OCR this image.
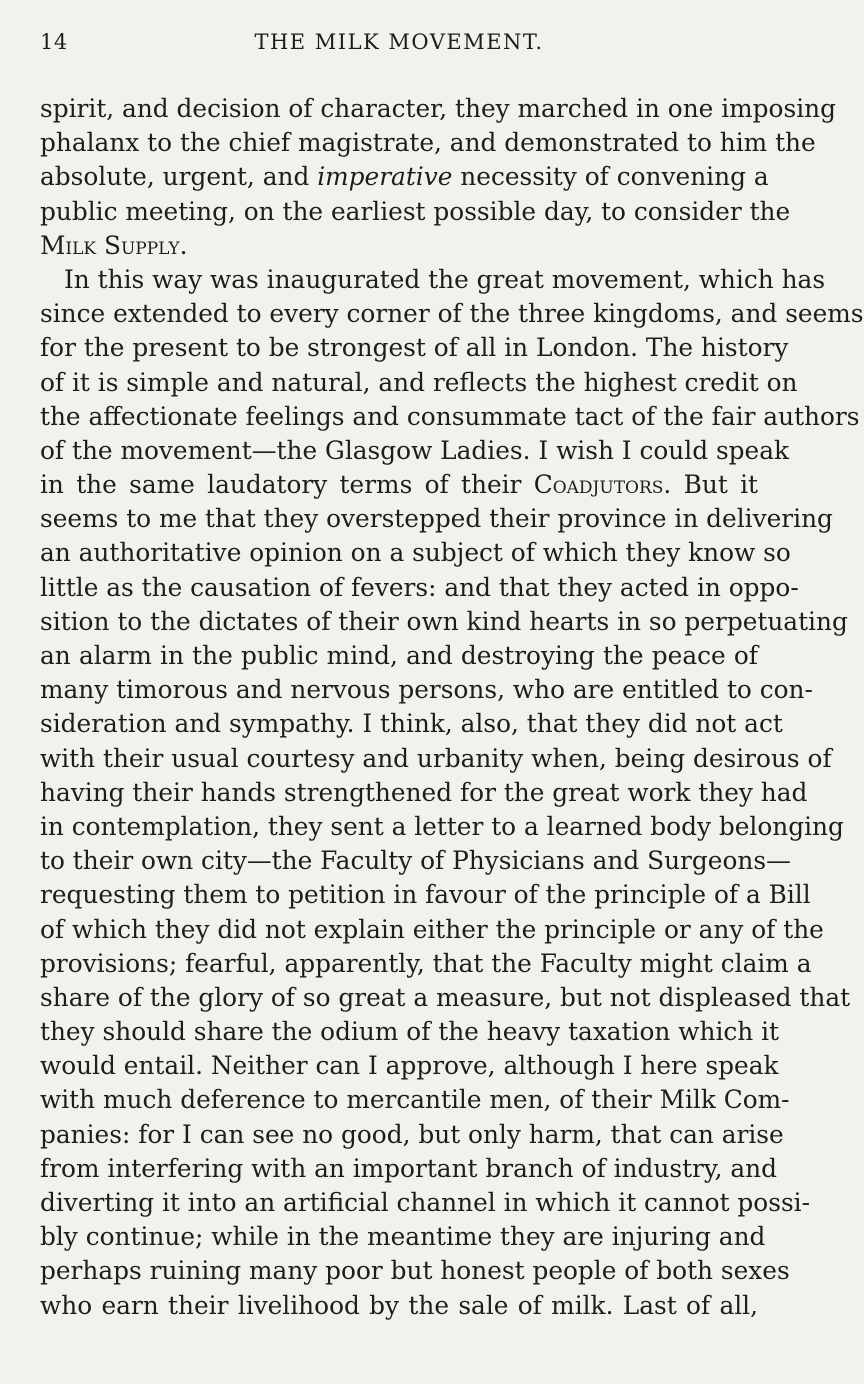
14	THE MILK MOVEMENT.
spirit, and decision of character, they marched in one imposing
phalanx to the chief magistrate, and demonstrated to him the
absolute, urgent, and imperative necessity of convening a
public meeting, on the earliest possible day, to consider the
Milk Supply.
In this way was inaugurated the great movement, which has
since extended to every corner of the three kingdoms, and seems
for the present to be strongest of all in London. The history
of it is simple and natural, and reflects the highest credit on
the affectionate feelings and consummate tact of the fair authors
of the movement—the Glasgow Ladies. I wish I could speak
in the same laudatory terms of their Coadjutors. But it
seems to me that they overstepped their province in delivering
an authoritative opinion on a subject of which they know so
little as the causation of fevers: and that they acted in oppo-
sition to the dictates of their own kind hearts in so perpetuating
an alarm in the public mind, and destroying the peace of
many timorous and nervous persons, who are entitled to con-
sideration and sympathy. I think, also, that they did not act
with their usual courtesy and urbanity when, being desirous of
having their hands strengthened for the great work they had
in contemplation, they sent a letter to a learned body belonging
to their own city—the Faculty of Physicians and Surgeons—
requesting them to petition in favour of the principle of a Bill
of which they did not explain either the principle or any of the
provisions; fearful, apparently, that the Faculty might claim a
share of the glory of so great a measure, but not displeased that
they should share the odium of the heavy taxation which it
would entail. Neither can I approve, although I here speak
with much deference to mercantile men, of their Milk Com-
panies: for I can see no good, but only harm, that can arise
from interfering with an important branch of industry, and
diverting it into an artificial channel in which it cannot possi-
bly continue; while in the meantime they are injuring and
perhaps ruining many poor but honest people of both sexes
who earn their livelihood by the sale of milk. Last of all,
